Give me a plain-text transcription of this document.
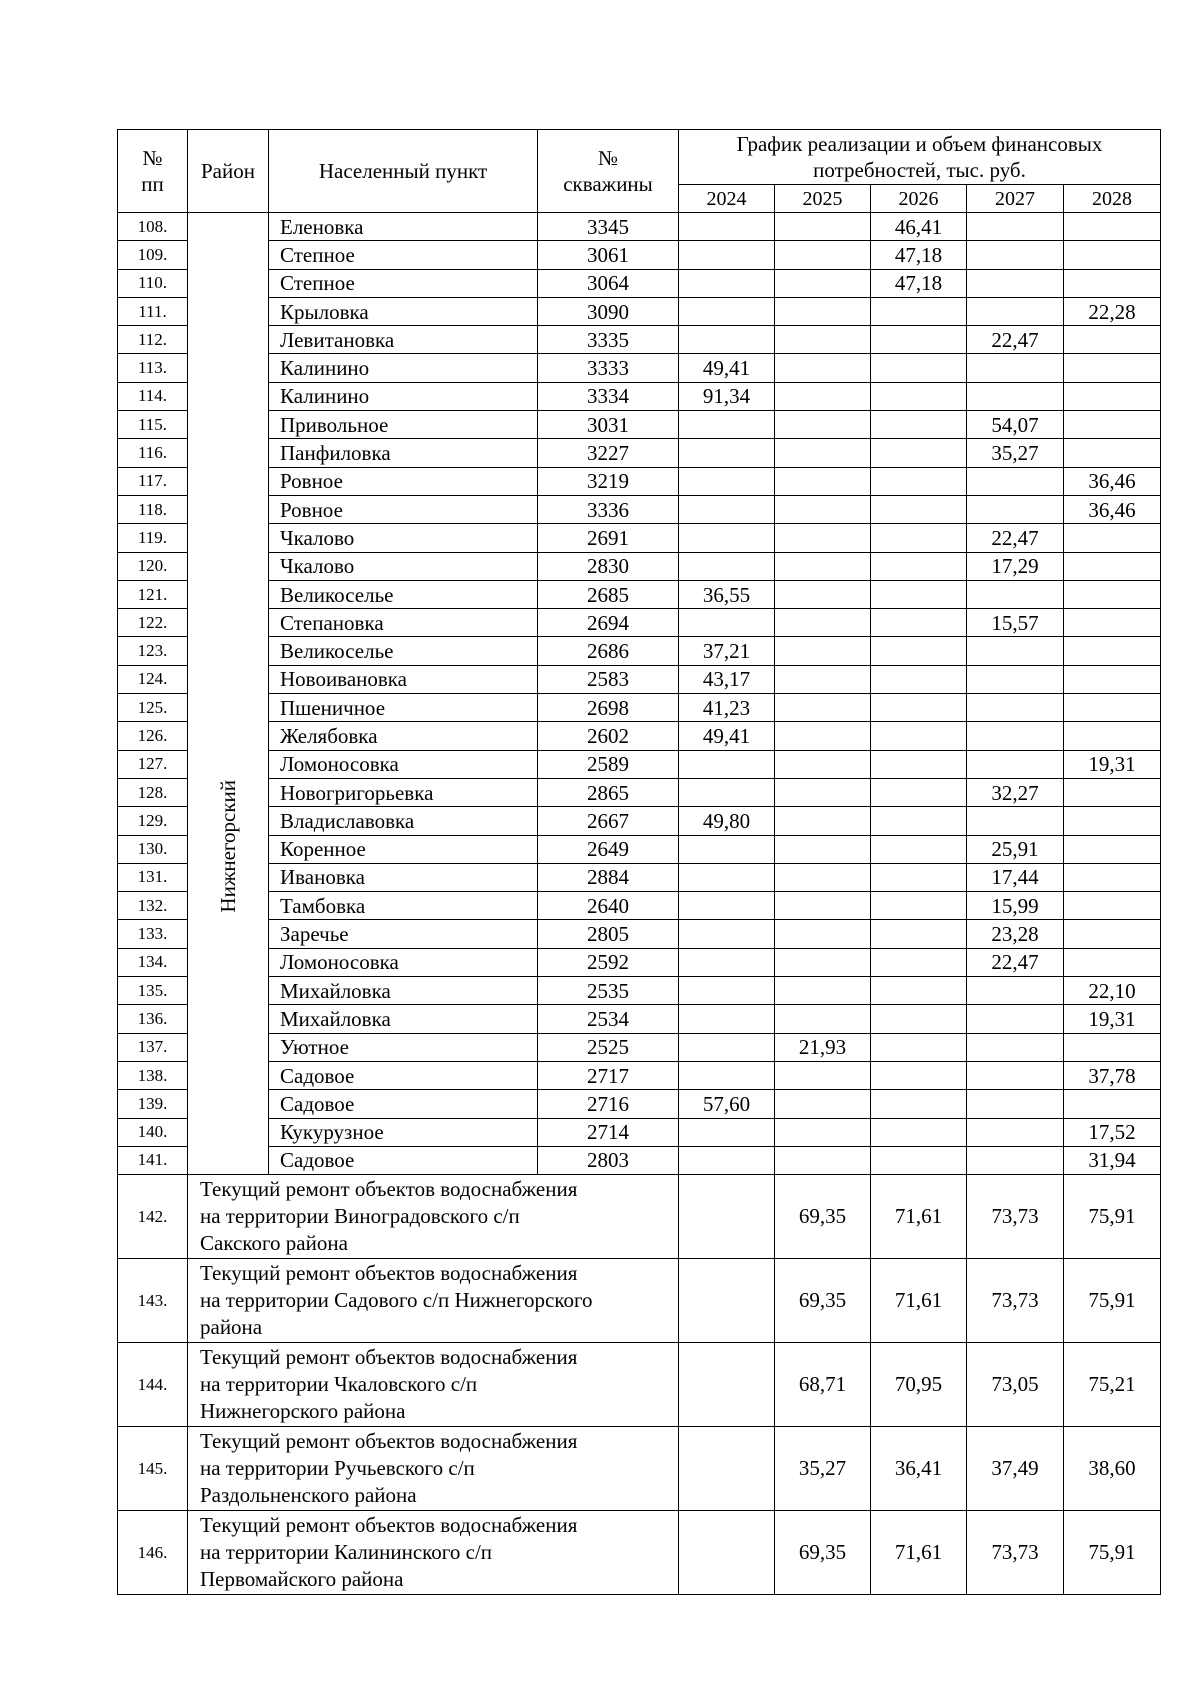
№
пп	Район	Населенный пункт	№
скважины	График реализации и объем финансовых потребностей, тыс. руб.				
				2024	2025	2026	2027	2028
108.		Еленовка	3345			46,41		
109.		Степное	3061			47,18		
110.		Степное	3064			47,18		
111.		Крыловка	3090					22,28
112.		Левитановка	3335				22,47	
113.		Калинино	3333	49,41				
114.		Калинино	3334	91,34				
115.		Привольное	3031				54,07	
116.		Панфиловка	3227				35,27	
117.		Ровное	3219					36,46
118.		Ровное	3336					36,46
119.	Нижнегорский	Чкалово	2691				22,47	
120.		Чкалово	2830				17,29	
121.		Великоселье	2685	36,55				
122.		Степановка	2694				15,57	
123.		Великоселье	2686	37,21				
124.		Новоивановка	2583	43,17				
125.		Пшеничное	2698	41,23				
126.		Желябовка	2602	49,41				
127.		Ломоносовка	2589					19,31
128.		Новогригорьевка	2865				32,27	
129.		Владиславовка	2667	49,80				
130.		Коренное	2649				25,91	
131.		Ивановка	2884				17,44	
132.		Тамбовка	2640				15,99	
133.		Заречье	2805				23,28	
134.		Ломоносовка	2592				22,47	
135.		Михайловка	2535					22,10
136.		Михайловка	2534					19,31
137.		Уютное	2525		21,93			
138.		Садовое	2717					37,78
139.		Садовое	2716	57,60				
140.		Кукурузное	2714					17,52
141.		Садовое	2803					31,94
142.	Текущий ремонт объектов водоснабжения
на территории Виноградовского с/п
Сакского района				69,35	71,61	73,73	75,91
143.	Текущий ремонт объектов водоснабжения
на территории Садового с/п Нижнегорского
района				69,35	71,61	73,73	75,91
144.	Текущий ремонт объектов водоснабжения
на территории Чкаловского с/п
Нижнегорского района				68,71	70,95	73,05	75,21
145.	Текущий ремонт объектов водоснабжения
на территории Ручьевского с/п
Раздольненского района				35,27	36,41	37,49	38,60
146.	Текущий ремонт объектов водоснабжения
на территории Калининского с/п
Первомайского района				69,35	71,61	73,73	75,91
